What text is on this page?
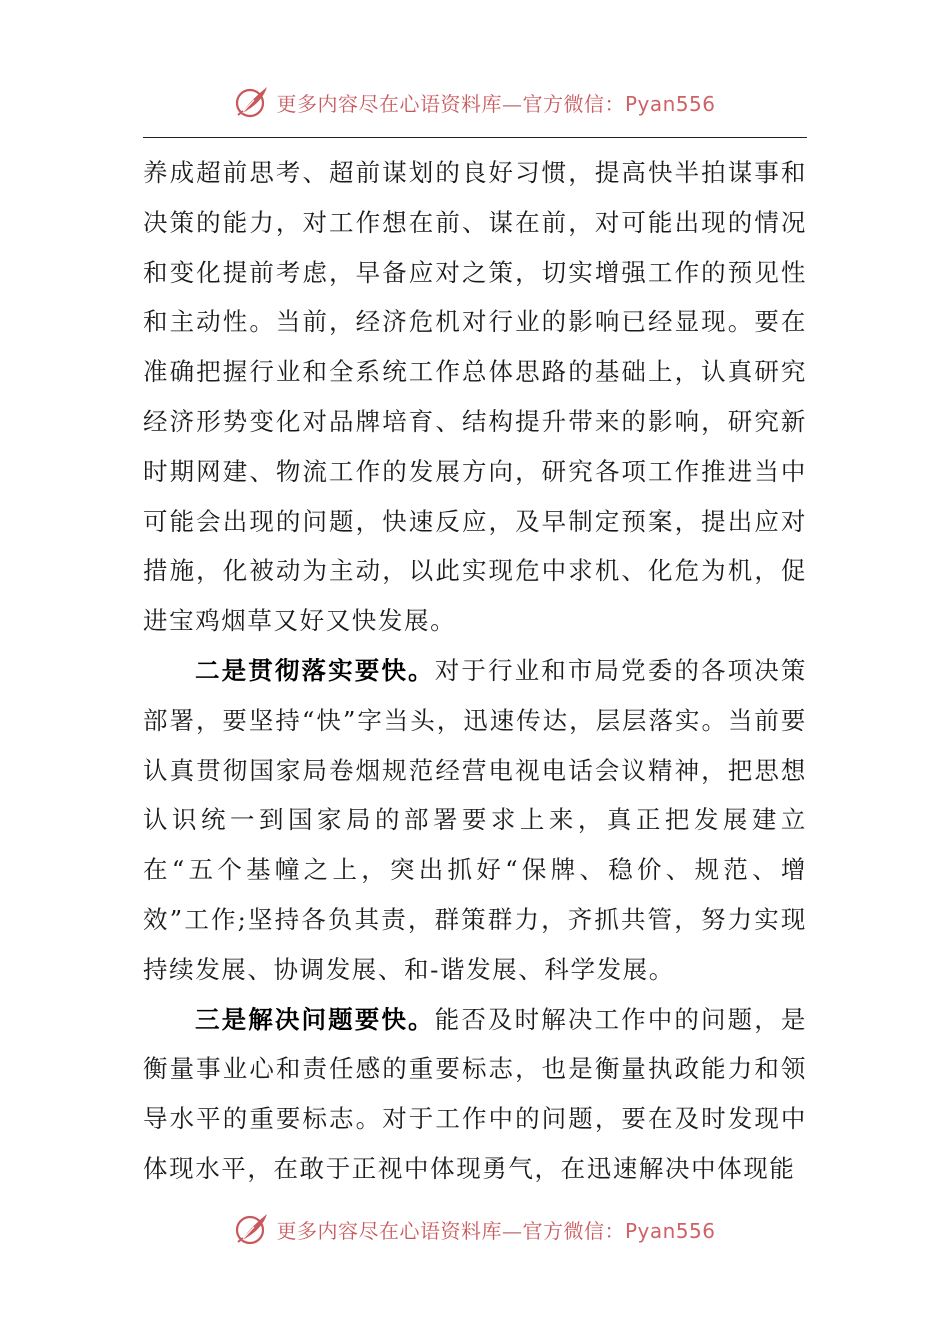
更多内容尽在心语资料库—官方微信：Pyan556

养成超前思考、超前谋划的良好习惯，提高快半拍谋事和决策的能力，对工作想在前、谋在前，对可能出现的情况和变化提前考虑，早备应对之策，切实增强工作的预见性和主动性。当前，经济危机对行业的影响已经显现。要在准确把握行业和全系统工作总体思路的基础上，认真研究经济形势变化对品牌培育、结构提升带来的影响，研究新时期网建、物流工作的发展方向，研究各项工作推进当中可能会出现的问题，快速反应，及早制定预案，提出应对措施，化被动为主动，以此实现危中求机、化危为机，促进宝鸡烟草又好又快发展。

二是贯彻落实要快。对于行业和市局党委的各项决策部署，要坚持“快”字当头，迅速传达，层层落实。当前要认真贯彻国家局卷烟规范经营电视电话会议精神，把思想认识统一到国家局的部署要求上来，真正把发展建立在“五个基幢之上，突出抓好“保牌、稳价、规范、增效”工作;坚持各负其责，群策群力，齐抓共管，努力实现持续发展、协调发展、和-谐发展、科学发展。

三是解决问题要快。能否及时解决工作中的问题，是衡量事业心和责任感的重要标志，也是衡量执政能力和领导水平的重要标志。对于工作中的问题，要在及时发现中体现水平，在敢于正视中体现勇气，在迅速解决中体现能

更多内容尽在心语资料库—官方微信：Pyan556
